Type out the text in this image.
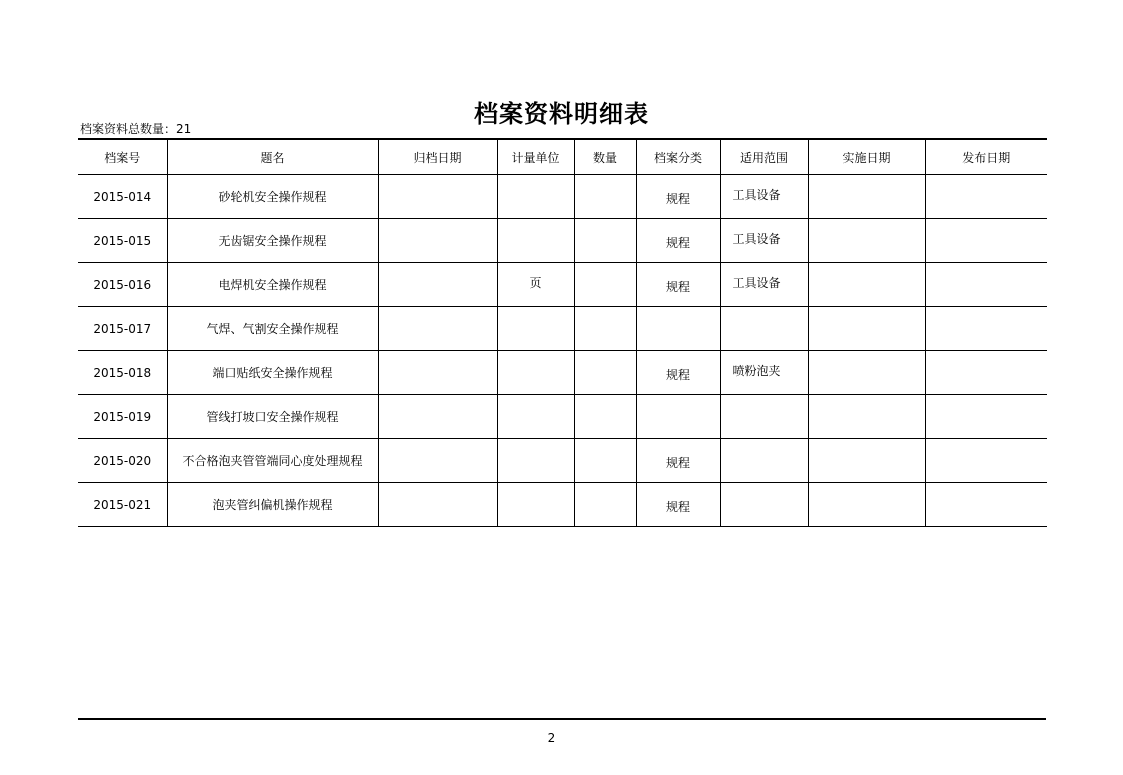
档案资料明细表
档案资料总数量：21
档案号	题名	归档日期	计量单位	数量	档案分类	适用范围	实施日期	发布日期
2015-014	砂轮机安全操作规程				规程	工具设备		
2015-015	无齿锯安全操作规程				规程	工具设备		
2015-016	电焊机安全操作规程		页		规程	工具设备		
2015-017	气焊、气割安全操作规程							
2015-018	端口贴纸安全操作规程				规程	喷粉泡夹		
2015-019	管线打坡口安全操作规程							
2015-020	不合格泡夹管管端同心度处理规程				规程			
2015-021	泡夹管纠偏机操作规程				规程			
2
